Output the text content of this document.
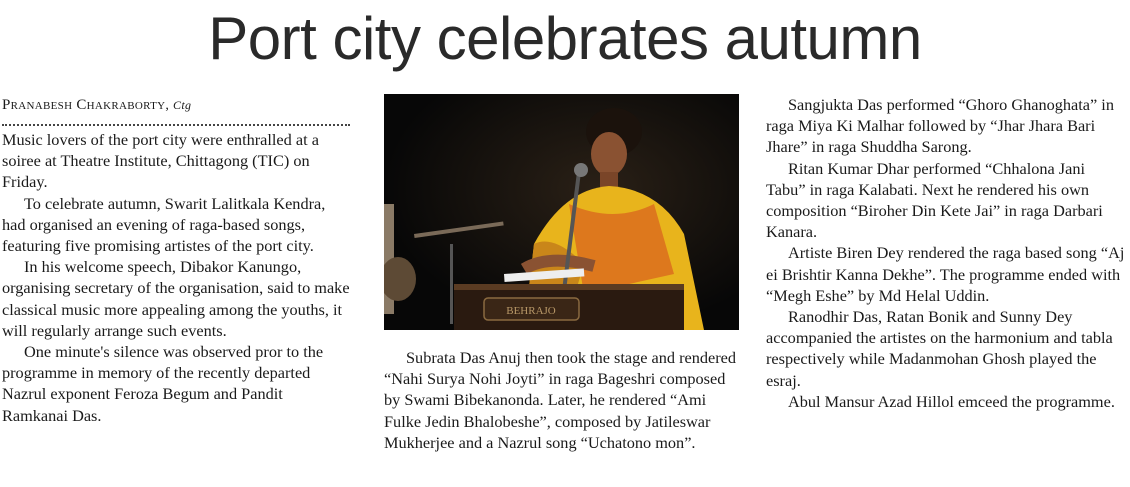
Port city celebrates autumn
Pranabesh Chakraborty, Ctg

Music lovers of the port city were enthralled at a soiree at Theatre Institute, Chittagong (TIC) on Friday.

To celebrate autumn, Swarit Lalitkala Kendra, had organised an evening of raga-based songs, featuring five promising artistes of the port city.

In his welcome speech, Dibakor Kanungo, organising secretary of the organisation, said to make classical music more appealing among the youths, it will regularly arrange such events.

One minute's silence was observed pror to the programme in memory of the recently departed Nazrul exponent Feroza Begum and Pandit Ramkanai Das.

BEHRAJO

Subrata Das Anuj then took the stage and rendered “Nahi Surya Nohi Joyti” in raga Bageshri composed by Swami Bibekanonda. Later, he rendered “Ami Fulke Jedin Bhalobeshe”, composed by Jatileswar Mukherjee and a Nazrul song “Uchatono mon”.

Sangjukta Das performed “Ghoro Ghanoghata” in raga Miya Ki Malhar followed by “Jhar Jhara Bari Jhare” in raga Shuddha Sarong.

Ritan Kumar Dhar performed “Chhalona Jani Tabu” in raga Kalabati. Next he rendered his own composition “Biroher Din Kete Jai” in raga Darbari Kanara.

Artiste Biren Dey rendered the raga based song “Aj ei Brishtir Kanna Dekhe”. The programme ended with “Megh Eshe” by Md Helal Uddin.

Ranodhir Das, Ratan Bonik and Sunny Dey accompanied the artistes on the harmonium and tabla respectively while Madanmohan Ghosh played the esraj.

Abul Mansur Azad Hillol emceed the programme.
